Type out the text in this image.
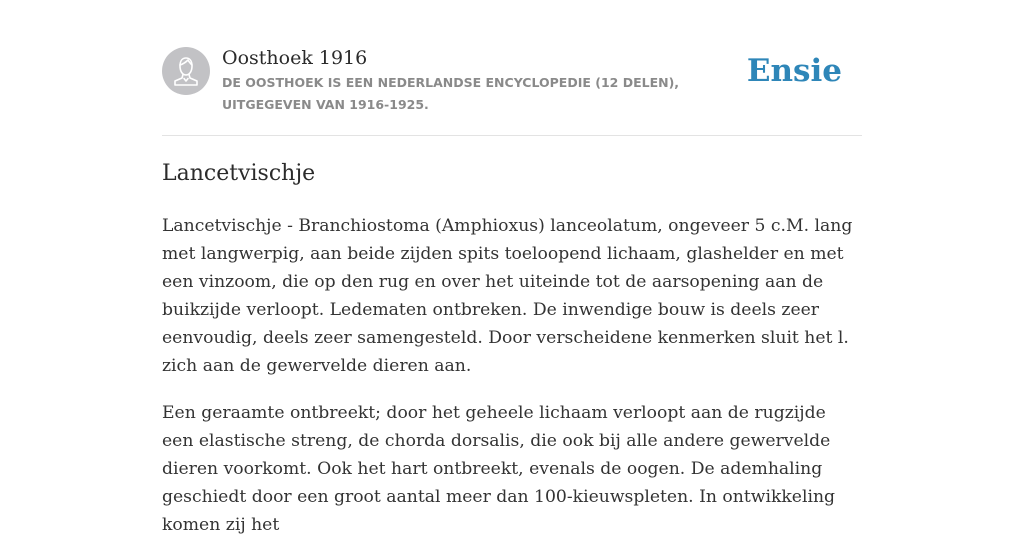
Oosthoek 1916
DE OOSTHOEK IS EEN NEDERLANDSE ENCYCLOPEDIE (12 DELEN), UITGEGEVEN VAN 1916-1925.
Ensie
Lancetvischje

Lancetvischje - Branchiostoma (Amphioxus) lanceolatum, ongeveer 5 c.M. lang met langwerpig, aan beide zijden spits toeloopend lichaam, glashelder en met een vinzoom, die op den rug en over het uiteinde tot de aarsopening aan de buikzijde verloopt. Ledematen ontbreken. De inwendige bouw is deels zeer eenvoudig, deels zeer samengesteld. Door verscheidene kenmerken sluit het l. zich aan de gewervelde dieren aan.

Een geraamte ontbreekt; door het geheele lichaam verloopt aan de rugzijde een elastische streng, de chorda dorsalis, die ook bij alle andere gewervelde dieren voorkomt. Ook het hart ontbreekt, evenals de oogen. De ademhaling geschiedt door een groot aantal meer dan 100-kieuwspleten. In ontwikkeling komen zij het
